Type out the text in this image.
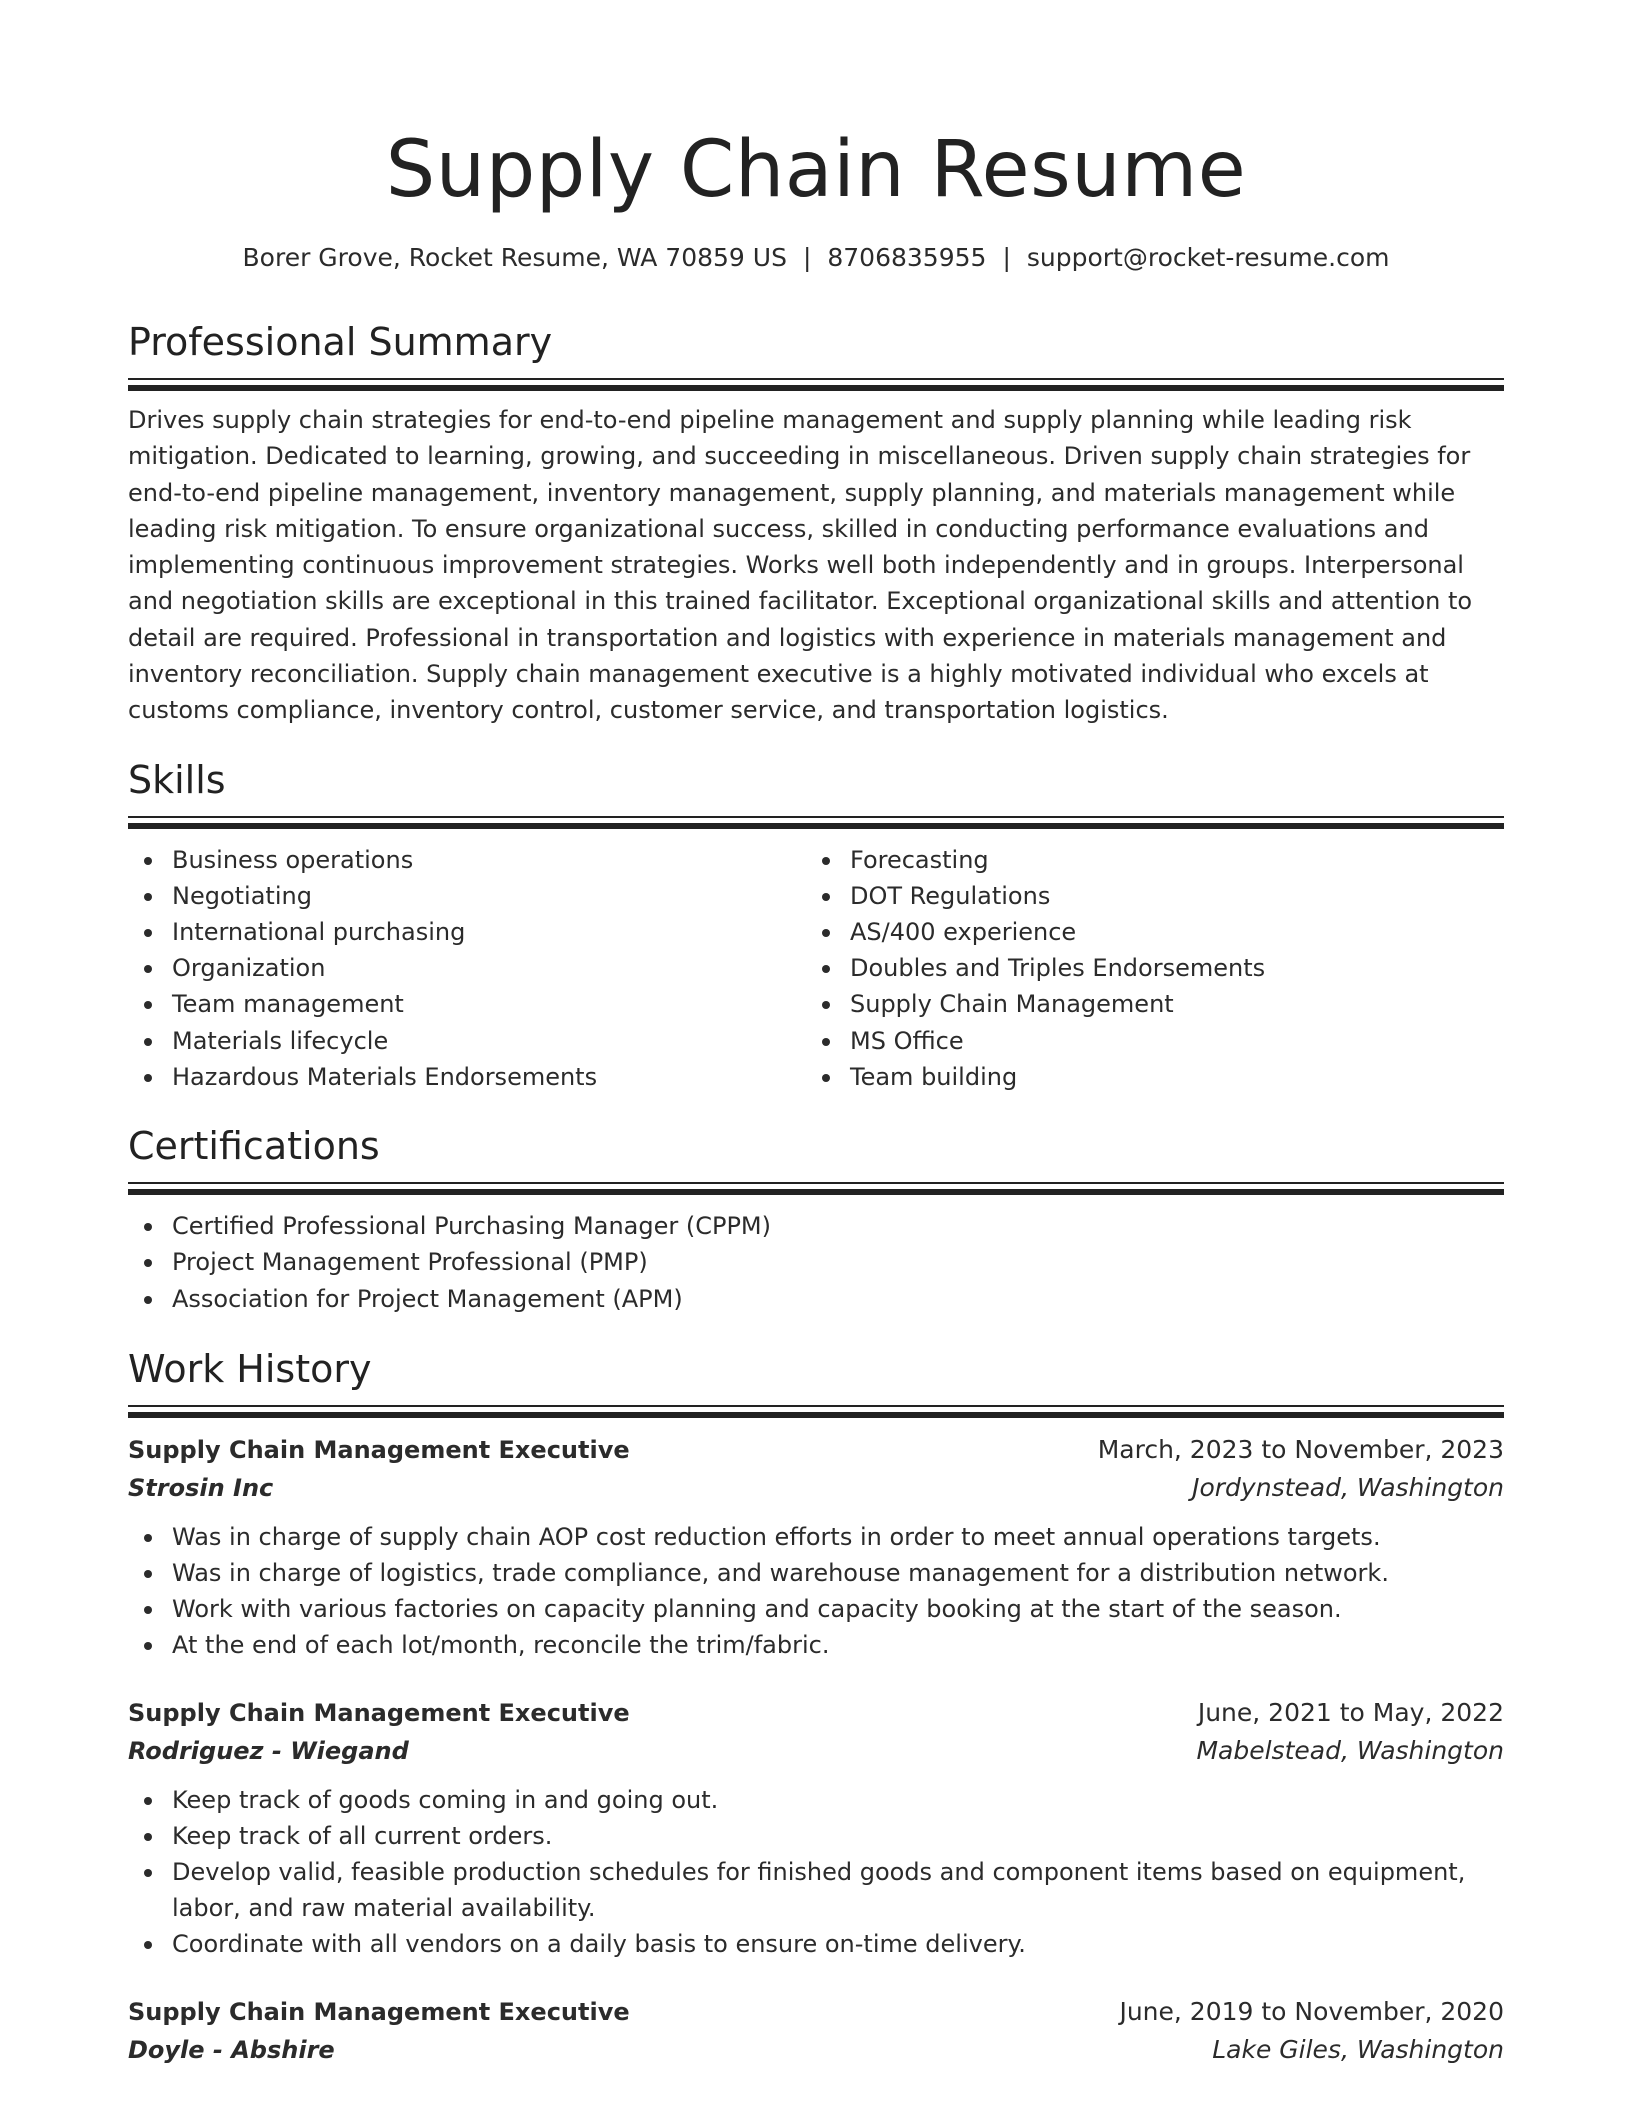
Supply Chain Resume
Borer Grove, Rocket Resume, WA 70859 US | 8706835955 | support@rocket-resume.com
Professional Summary

Drives supply chain strategies for end-to-end pipeline management and supply planning while leading risk mitigation. Dedicated to learning, growing, and succeeding in miscellaneous. Driven supply chain strategies for end-to-end pipeline management, inventory management, supply planning, and materials management while leading risk mitigation. To ensure organizational success, skilled in conducting performance evaluations and implementing continuous improvement strategies. Works well both independently and in groups. Interpersonal and negotiation skills are exceptional in this trained facilitator. Exceptional organizational skills and attention to detail are required. Professional in transportation and logistics with experience in materials management and inventory reconciliation. Supply chain management executive is a highly motivated individual who excels at customs compliance, inventory control, customer service, and transportation logistics.

Skills
Business operations
Negotiating
International purchasing
Organization
Team management
Materials lifecycle
Hazardous Materials Endorsements
Forecasting
DOT Regulations
AS/400 experience
Doubles and Triples Endorsements
Supply Chain Management
MS Office
Team building
Certifications
Certified Professional Purchasing Manager (CPPM)
Project Management Professional (PMP)
Association for Project Management (APM)
Work History
Supply Chain Management Executive	March, 2023 to November, 2023
Strosin Inc	Jordynstead, Washington
Was in charge of supply chain AOP cost reduction efforts in order to meet annual operations targets.
Was in charge of logistics, trade compliance, and warehouse management for a distribution network.
Work with various factories on capacity planning and capacity booking at the start of the season.
At the end of each lot/month, reconcile the trim/fabric.
Supply Chain Management Executive	June, 2021 to May, 2022
Rodriguez - Wiegand	Mabelstead, Washington
Keep track of goods coming in and going out.
Keep track of all current orders.
Develop valid, feasible production schedules for finished goods and component items based on equipment, labor, and raw material availability.
Coordinate with all vendors on a daily basis to ensure on-time delivery.
Supply Chain Management Executive	June, 2019 to November, 2020
Doyle - Abshire	Lake Giles, Washington
